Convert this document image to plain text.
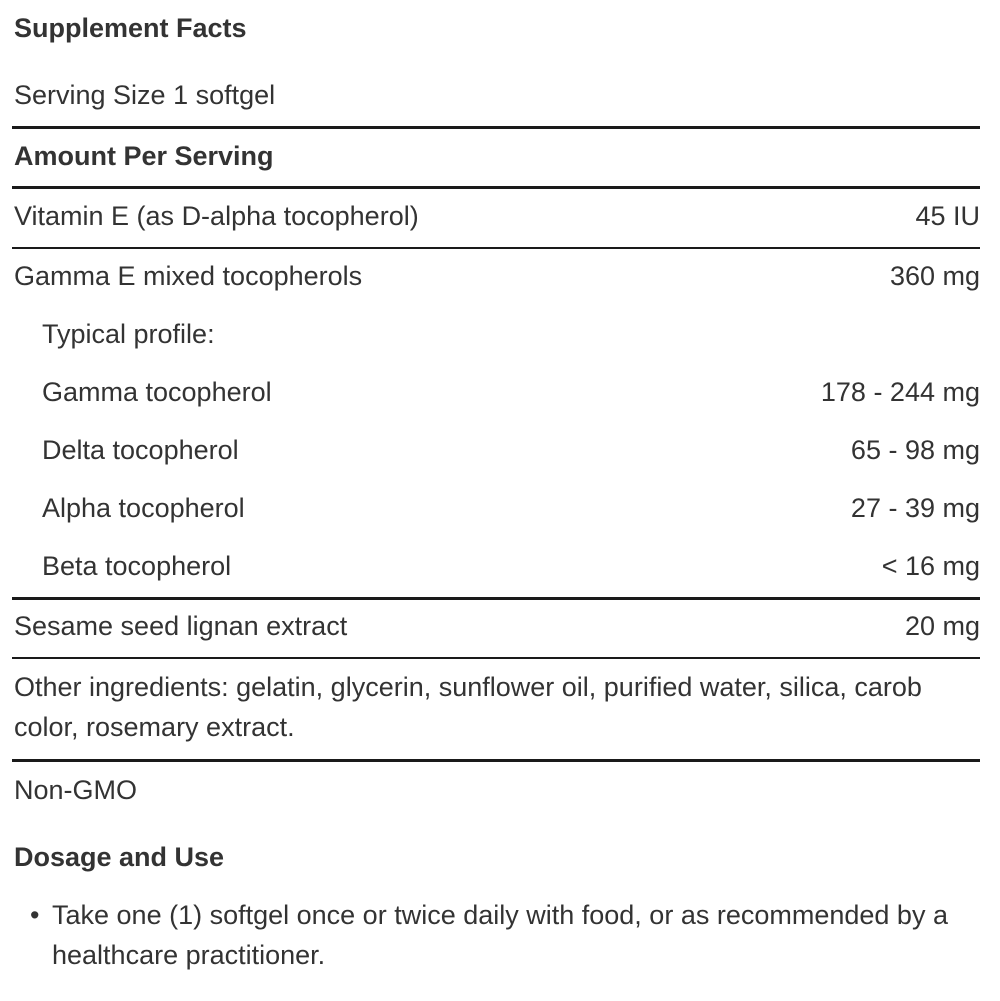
Supplement Facts
Serving Size 1 softgel
Amount Per Serving
Vitamin E (as D-alpha tocopherol)	45 IU
Gamma E mixed tocopherols	360 mg
Typical profile:
Gamma tocopherol	178 - 244 mg
Delta tocopherol	65 - 98 mg
Alpha tocopherol	27 - 39 mg
Beta tocopherol	< 16 mg
Sesame seed lignan extract	20 mg
Other ingredients: gelatin, glycerin, sunflower oil, purified water, silica, carob color, rosemary extract.
Non-GMO
Dosage and Use
• Take one (1) softgel once or twice daily with food, or as recommended by a healthcare practitioner.
